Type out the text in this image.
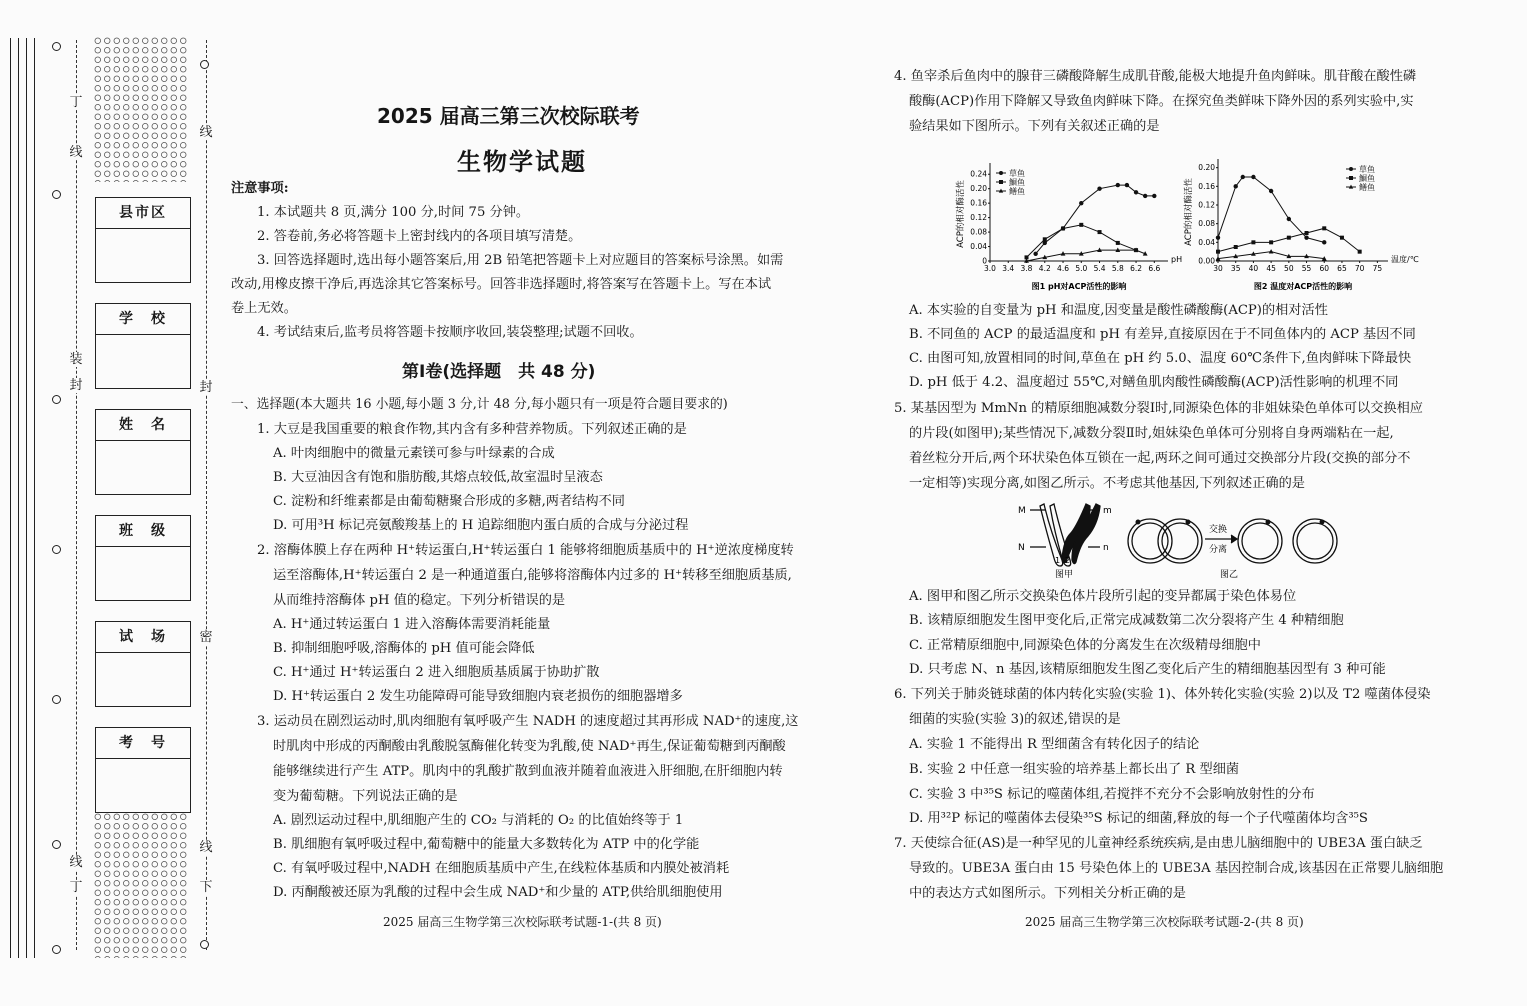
丁
线
装
封
线
丁
线
封
密
线
下
县市区
学　校
姓　名
班　级
试　场
考　号
2025 届高三第三次校际联考
生物学试题
注意事项:
1. 本试题共 8 页,满分 100 分,时间 75 分钟。
2. 答卷前,务必将答题卡上密封线内的各项目填写清楚。
3. 回答选择题时,选出每小题答案后,用 2B 铅笔把答题卡上对应题目的答案标号涂黑。如需
改动,用橡皮擦干净后,再选涂其它答案标号。回答非选择题时,将答案写在答题卡上。写在本试
卷上无效。
4. 考试结束后,监考员将答题卡按顺序收回,装袋整理;试题不回收。
第Ⅰ卷(选择题　共 48 分)
一、选择题(本大题共 16 小题,每小题 3 分,计 48 分,每小题只有一项是符合题目要求的)
1. 大豆是我国重要的粮食作物,其内含有多种营养物质。下列叙述正确的是
A. 叶肉细胞中的微量元素镁可参与叶绿素的合成
B. 大豆油因含有饱和脂肪酸,其熔点较低,故室温时呈液态
C. 淀粉和纤维素都是由葡萄糖聚合形成的多糖,两者结构不同
D. 可用³H 标记亮氨酸羧基上的 H 追踪细胞内蛋白质的合成与分泌过程
2. 溶酶体膜上存在两种 H⁺转运蛋白,H⁺转运蛋白 1 能够将细胞质基质中的 H⁺逆浓度梯度转
运至溶酶体,H⁺转运蛋白 2 是一种通道蛋白,能够将溶酶体内过多的 H⁺转移至细胞质基质,
从而维持溶酶体 pH 值的稳定。下列分析错误的是
A. H⁺通过转运蛋白 1 进入溶酶体需要消耗能量
B. 抑制细胞呼吸,溶酶体的 pH 值可能会降低
C. H⁺通过 H⁺转运蛋白 2 进入细胞质基质属于协助扩散
D. H⁺转运蛋白 2 发生功能障碍可能导致细胞内衰老损伤的细胞器增多
3. 运动员在剧烈运动时,肌肉细胞有氧呼吸产生 NADH 的速度超过其再形成 NAD⁺的速度,这
时肌肉中形成的丙酮酸由乳酸脱氢酶催化转变为乳酸,使 NAD⁺再生,保证葡萄糖到丙酮酸
能够继续进行产生 ATP。肌肉中的乳酸扩散到血液并随着血液进入肝细胞,在肝细胞内转
变为葡萄糖。下列说法正确的是
A. 剧烈运动过程中,肌细胞产生的 CO₂ 与消耗的 O₂ 的比值始终等于 1
B. 肌细胞有氧呼吸过程中,葡萄糖中的能量大多数转化为 ATP 中的化学能
C. 有氧呼吸过程中,NADH 在细胞质基质中产生,在线粒体基质和内膜处被消耗
D. 丙酮酸被还原为乳酸的过程中会生成 NAD⁺和少量的 ATP,供给肌细胞使用
2025 届高三生物学第三次校际联考试题-1-(共 8 页)
4. 鱼宰杀后鱼肉中的腺苷三磷酸降解生成肌苷酸,能极大地提升鱼肉鲜味。肌苷酸在酸性磷
酸酶(ACP)作用下降解又导致鱼肉鲜味下降。在探究鱼类鲜味下降外因的系列实验中,实
验结果如下图所示。下列有关叙述正确的是
3.0 3.4 3.8 4.2 4.6 5.0 5.4 5.8 6.2 6.6
0
0.04
0.08
0.12
0.16
0.20
0.24
pH
ACP的相对酶活性
图1 pH对ACP活性的影响
草鱼
鮰鱼
鳝鱼
30 35 40 45 50 55 60 65 70 75
0.00
0.04
0.08
0.12
0.16
0.20
温度/℃
ACP的相对酶活性
图2 温度对ACP活性的影响
草鱼
鮰鱼
鳝鱼
A. 本实验的自变量为 pH 和温度,因变量是酸性磷酸酶(ACP)的相对活性
B. 不同鱼的 ACP 的最适温度和 pH 有差异,直接原因在于不同鱼体内的 ACP 基因不同
C. 由图可知,放置相同的时间,草鱼在 pH 约 5.0、温度 60℃条件下,鱼肉鲜味下降最快
D. pH 低于 4.2、温度超过 55℃,对鳝鱼肌肉酸性磷酸酶(ACP)活性影响的机理不同
5. 某基因型为 MmNn 的精原细胞减数分裂Ⅰ时,同源染色体的非姐妹染色单体可以交换相应
的片段(如图甲);某些情况下,减数分裂Ⅱ时,姐妹染色单体可分别将自身两端粘在一起,
着丝粒分开后,两个环状染色体互锁在一起,两环之间可通过交换部分片段(交换的部分不
一定相等)实现分离,如图乙所示。不考虑其他基因,下列叙述正确的是
M	m
N	n
1 2
图甲
交换
分离
图乙
A. 图甲和图乙所示交换染色体片段所引起的变异都属于染色体易位
B. 该精原细胞发生图甲变化后,正常完成减数第二次分裂将产生 4 种精细胞
C. 正常精原细胞中,同源染色体的分离发生在次级精母细胞中
D. 只考虑 N、n 基因,该精原细胞发生图乙变化后产生的精细胞基因型有 3 种可能
6. 下列关于肺炎链球菌的体内转化实验(实验 1)、体外转化实验(实验 2)以及 T2 噬菌体侵染
细菌的实验(实验 3)的叙述,错误的是
A. 实验 1 不能得出 R 型细菌含有转化因子的结论
B. 实验 2 中任意一组实验的培养基上都长出了 R 型细菌
C. 实验 3 中³⁵S 标记的噬菌体组,若搅拌不充分不会影响放射性的分布
D. 用³²P 标记的噬菌体去侵染³⁵S 标记的细菌,释放的每一个子代噬菌体均含³⁵S
7. 天使综合征(AS)是一种罕见的儿童神经系统疾病,是由患儿脑细胞中的 UBE3A 蛋白缺乏
导致的。UBE3A 蛋白由 15 号染色体上的 UBE3A 基因控制合成,该基因在正常婴儿脑细胞
中的表达方式如图所示。下列相关分析正确的是
2025 届高三生物学第三次校际联考试题-2-(共 8 页)
